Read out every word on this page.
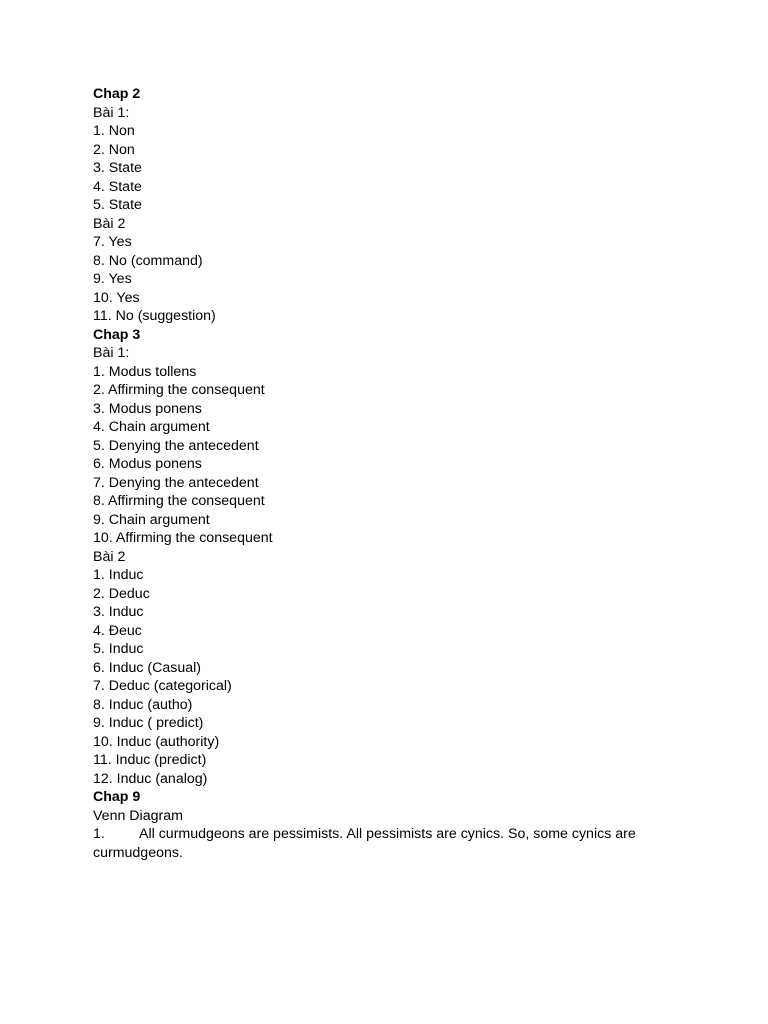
Chap 2

Bài 1:

1. Non

2. Non

3. State

4. State

5. State

Bài 2

7. Yes

8. No (command)

9. Yes

10. Yes

11. No (suggestion)

Chap 3

Bài 1:

1. Modus tollens

2. Affirming the consequent

3. Modus ponens

4. Chain argument

5. Denying the antecedent

6. Modus ponens

7. Denying the antecedent

8. Affirming the consequent

9. Chain argument

10. Affirming the consequent

Bài 2

1. Induc

2. Deduc

3. Induc

4. Đeuc

5. Induc

6. Induc (Casual)

7. Deduc (categorical)

8. Induc (autho)

9. Induc ( predict)

10. Induc (authority)

11. Induc (predict)

12. Induc (analog)

Chap 9

Venn Diagram

1. All curmudgeons are pessimists. All pessimists are cynics. So, some cynics are curmudgeons.
